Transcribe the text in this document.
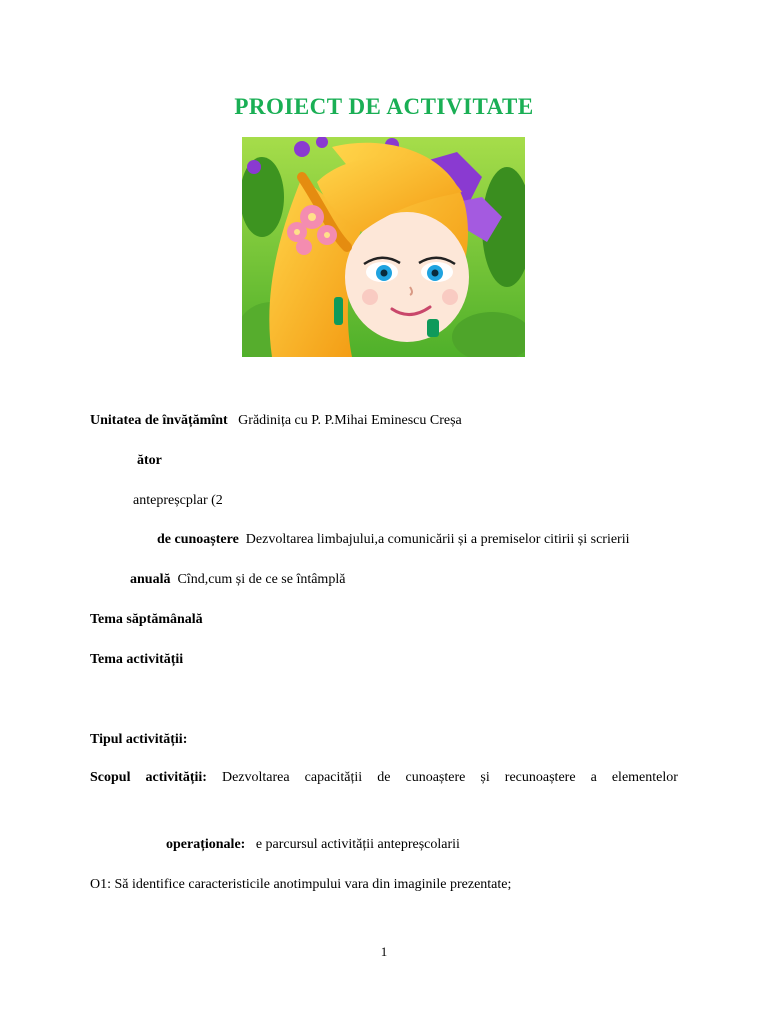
PROIECT DE ACTIVITATE
Unitatea de învățămînt Grădinița cu P. P.Mihai Eminescu Creșa
ător
antepreșcplar (2
de cunoaștere Dezvoltarea limbajului,a comunicării și a premiselor citirii și scrierii
anuală Cînd,cum și de ce se întâmplă
Tema săptămânală
Tema activității
Tipul activității:
Scopul activității: Dezvoltarea capacității de cunoaștere și recunoaștere a elementelor
operaționale: e parcursul activității antepreșcolarii
O1: Să identifice caracteristicile anotimpului vara din imaginile prezentate;
1
